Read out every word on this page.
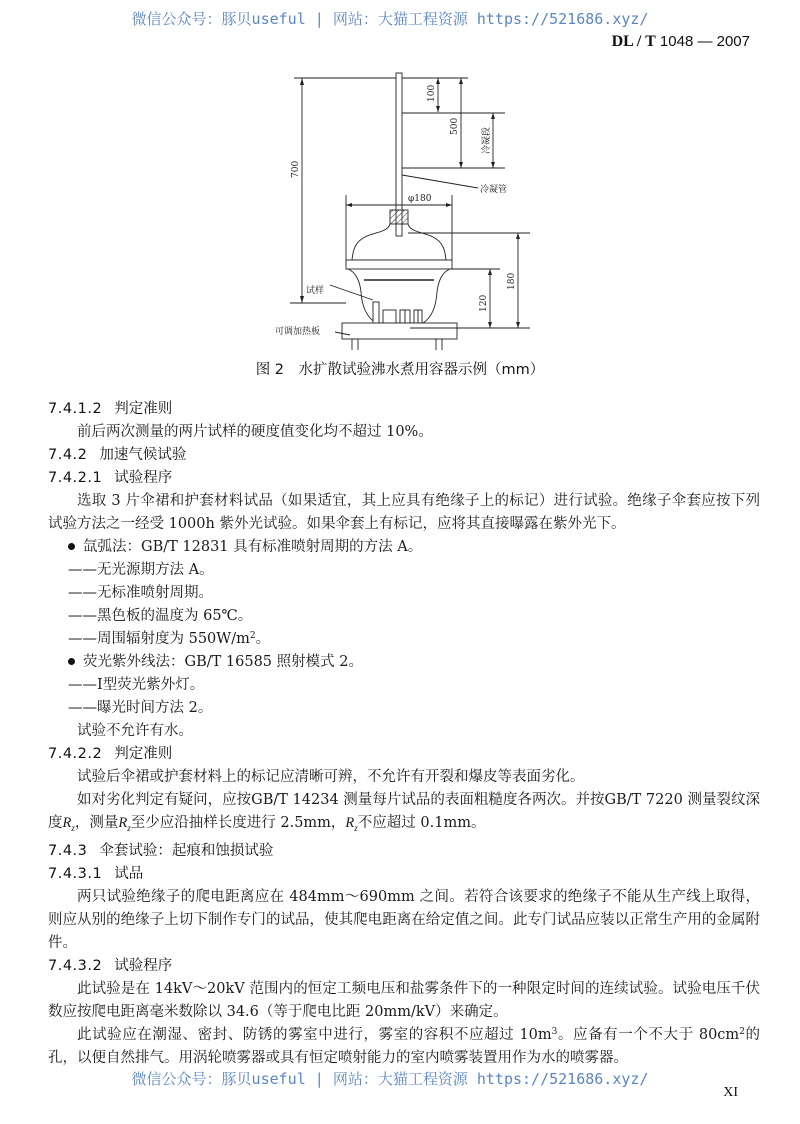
微信公众号：豚贝useful | 网站：大猫工程资源 https://521686.xyz/
DL / T 1048 — 2007
100
500
700
冷凝段
冷凝管
φ180
120
180
试样
可调加热板
图 2　水扩散试验沸水煮用容器示例（mm）
7.4.1.2 判定准则
前后两次测量的两片试样的硬度值变化均不超过 10%。
7.4.2 加速气候试验
7.4.2.1 试验程序
选取 3 片伞裙和护套材料试品（如果适宜，其上应具有绝缘子上的标记）进行试验。绝缘子伞套应按下列试验方法之一经受 1000h 紫外光试验。如果伞套上有标记，应将其直接曝露在紫外光下。
氙弧法：GB/T 12831 具有标准喷射周期的方法 A。
——无光源期方法 A。
——无标准喷射周期。
——黑色板的温度为 65℃。
——周围辐射度为 $550W/m^2$。
荧光紫外线法：GB/T 16585 照射模式 2。
——Ⅰ型荧光紫外灯。
——曝光时间方法 2。
试验不允许有水。
7.4.2.2 判定准则
试验后伞裙或护套材料上的标记应清晰可辨，不允许有开裂和爆皮等表面劣化。
如对劣化判定有疑问，应按GB/T 14234 测量每片试品的表面粗糙度各两次。并按GB/T 7220 测量裂纹深度$R_z$，测量$R_z$至少应沿抽样长度进行 2.5mm，$R_z$不应超过 0.1mm。
7.4.3 伞套试验：起痕和蚀损试验
7.4.3.1 试品
两只试验绝缘子的爬电距离应在 484mm～690mm 之间。若符合该要求的绝缘子不能从生产线上取得，则应从别的绝缘子上切下制作专门的试品，使其爬电距离在给定值之间。此专门试品应装以正常生产用的金属附件。
7.4.3.2 试验程序
此试验是在 14kV～20kV 范围内的恒定工频电压和盐雾条件下的一种限定时间的连续试验。试验电压千伏数应按爬电距离毫米数除以 34.6（等于爬电比距 20mm/kV）来确定。
此试验应在潮湿、密封、防锈的雾室中进行，雾室的容积不应超过 $10m^3$。应备有一个不大于 $80cm^2$的孔，以便自然排气。用涡轮喷雾器或具有恒定喷射能力的室内喷雾装置用作为水的喷雾器。
微信公众号：豚贝useful | 网站：大猫工程资源 https://521686.xyz/
XI
